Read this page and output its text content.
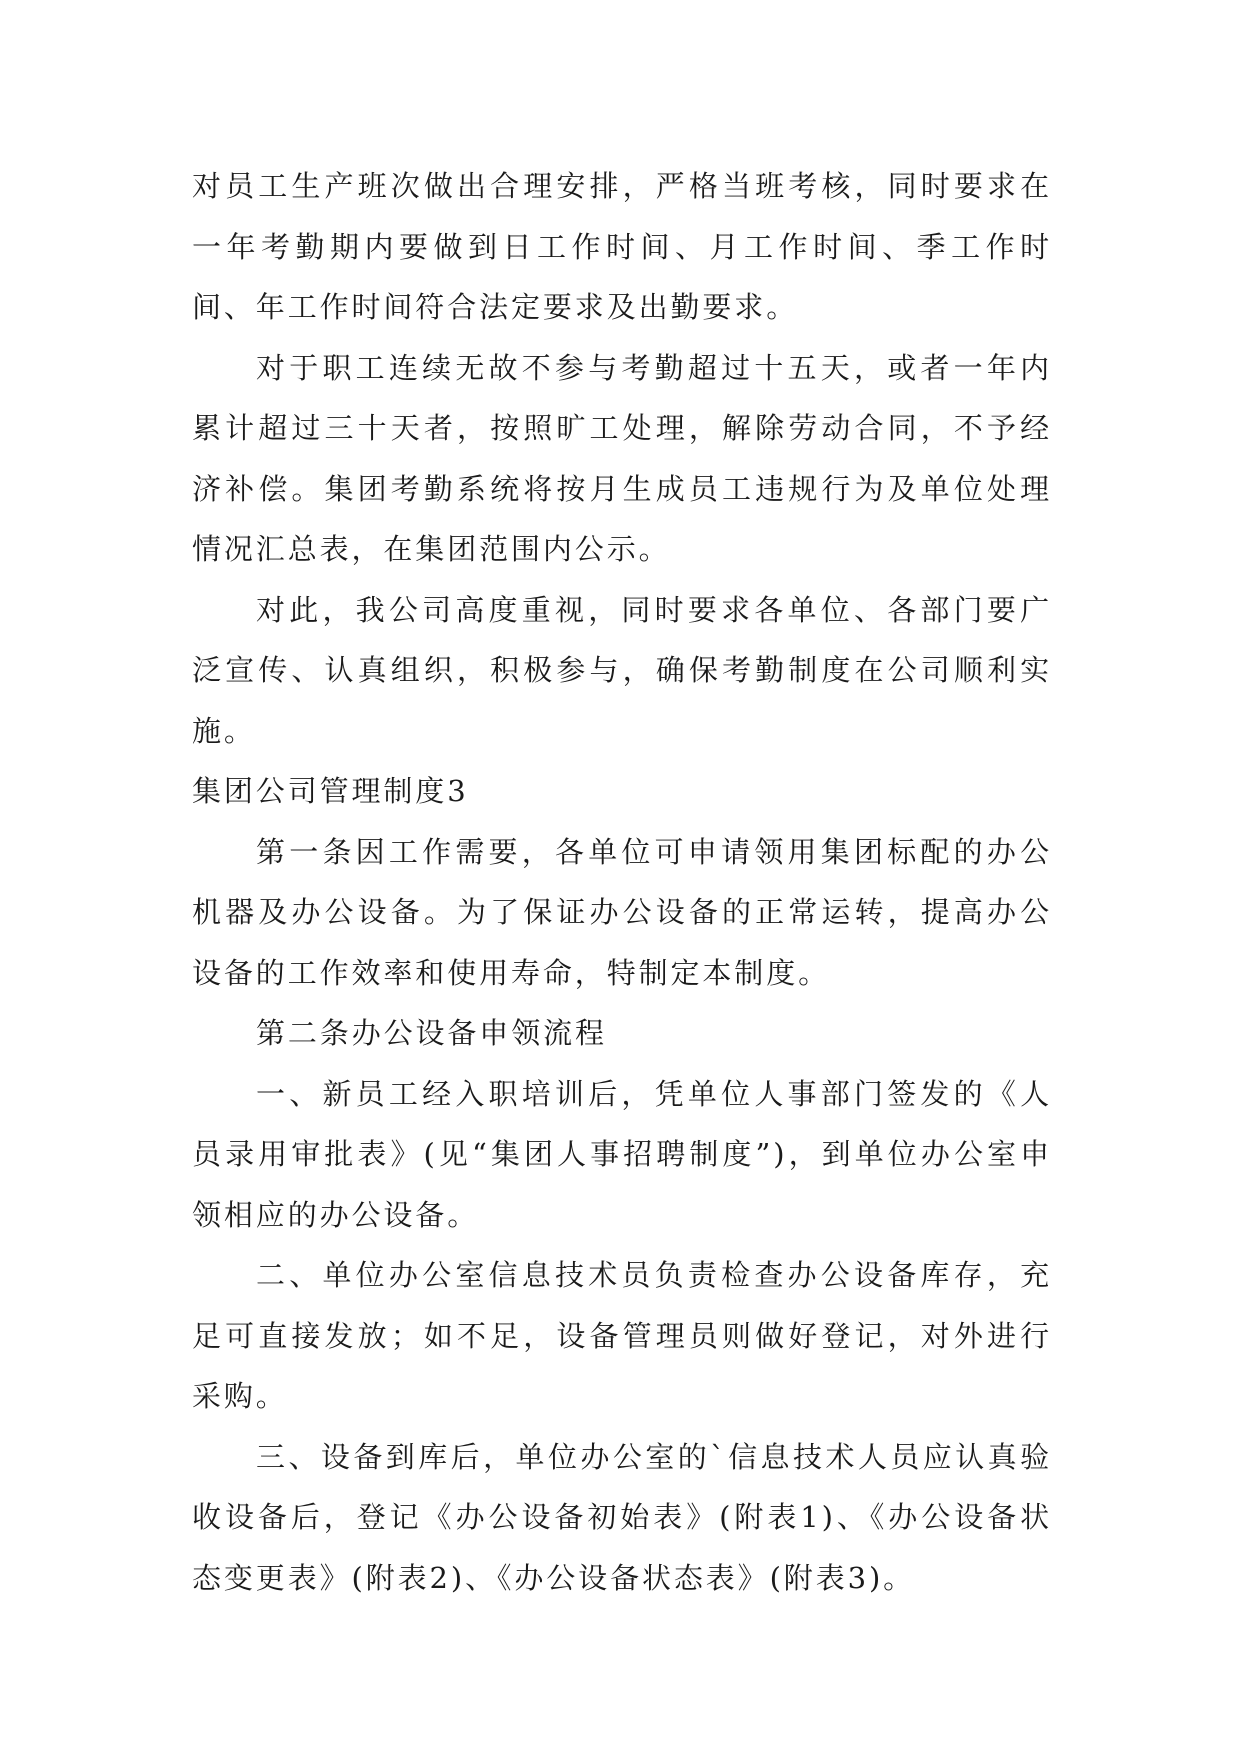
对员工生产班次做出合理安排，严格当班考核，同时要求在一年考勤期内要做到日工作时间、月工作时间、季工作时间、年工作时间符合法定要求及出勤要求。

对于职工连续无故不参与考勤超过十五天，或者一年内累计超过三十天者，按照旷工处理，解除劳动合同，不予经济补偿。集团考勤系统将按月生成员工违规行为及单位处理情况汇总表，在集团范围内公示。

对此，我公司高度重视，同时要求各单位、各部门要广泛宣传、认真组织，积极参与，确保考勤制度在公司顺利实施。

集团公司管理制度3

第一条因工作需要，各单位可申请领用集团标配的办公机器及办公设备。为了保证办公设备的正常运转，提高办公设备的工作效率和使用寿命，特制定本制度。

第二条办公设备申领流程

一、新员工经入职培训后，凭单位人事部门签发的《人员录用审批表》(见“集团人事招聘制度”)，到单位办公室申领相应的办公设备。

二、单位办公室信息技术员负责检查办公设备库存，充足可直接发放；如不足，设备管理员则做好登记，对外进行采购。

三、设备到库后，单位办公室的`信息技术人员应认真验收设备后，登记《办公设备初始表》(附表1)、《办公设备状态变更表》(附表2)、《办公设备状态表》(附表3)。
